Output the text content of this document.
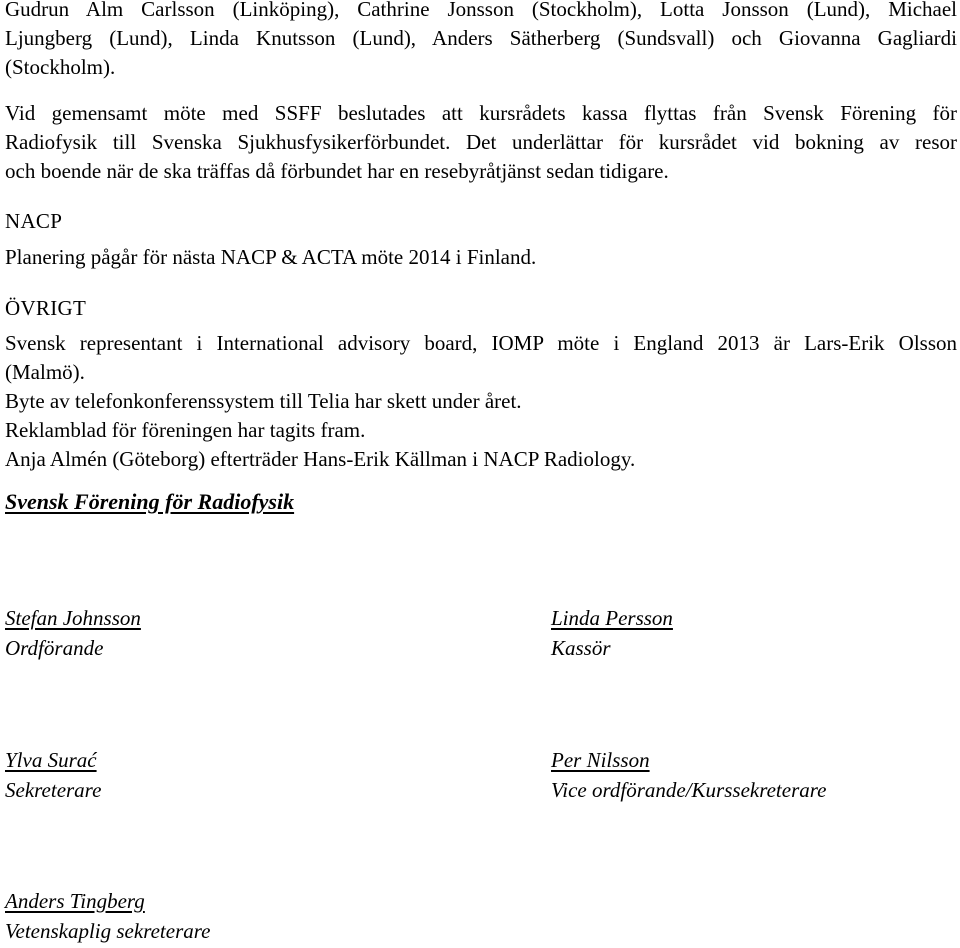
Gudrun Alm Carlsson (Linköping), Cathrine Jonsson (Stockholm), Lotta Jonsson (Lund), Michael
Ljungberg (Lund), Linda Knutsson (Lund), Anders Sätherberg (Sundsvall) och Giovanna Gagliardi
(Stockholm).

Vid gemensamt möte med SSFF beslutades att kursrådets kassa flyttas från Svensk Förening för
Radiofysik till Svenska Sjukhusfysikerförbundet. Det underlättar för kursrådet vid bokning av resor
och boende när de ska träffas då förbundet har en resebyråtjänst sedan tidigare.

NACP

Planering pågår för nästa NACP & ACTA möte 2014 i Finland.

ÖVRIGT

Svensk representant i International advisory board, IOMP möte i England 2013 är Lars-Erik Olsson
(Malmö).
Byte av telefonkonferenssystem till Telia har skett under året.
Reklamblad för föreningen har tagits fram.
Anja Almén (Göteborg) efterträder Hans-Erik Källman i NACP Radiology.

Svensk Förening för Radiofysik
Stefan Johnsson
Ordförande
Linda Persson
Kassör
Ylva Surać
Sekreterare
Per Nilsson
Vice ordförande/Kurssekreterare
Anders Tingberg
Vetenskaplig sekreterare
